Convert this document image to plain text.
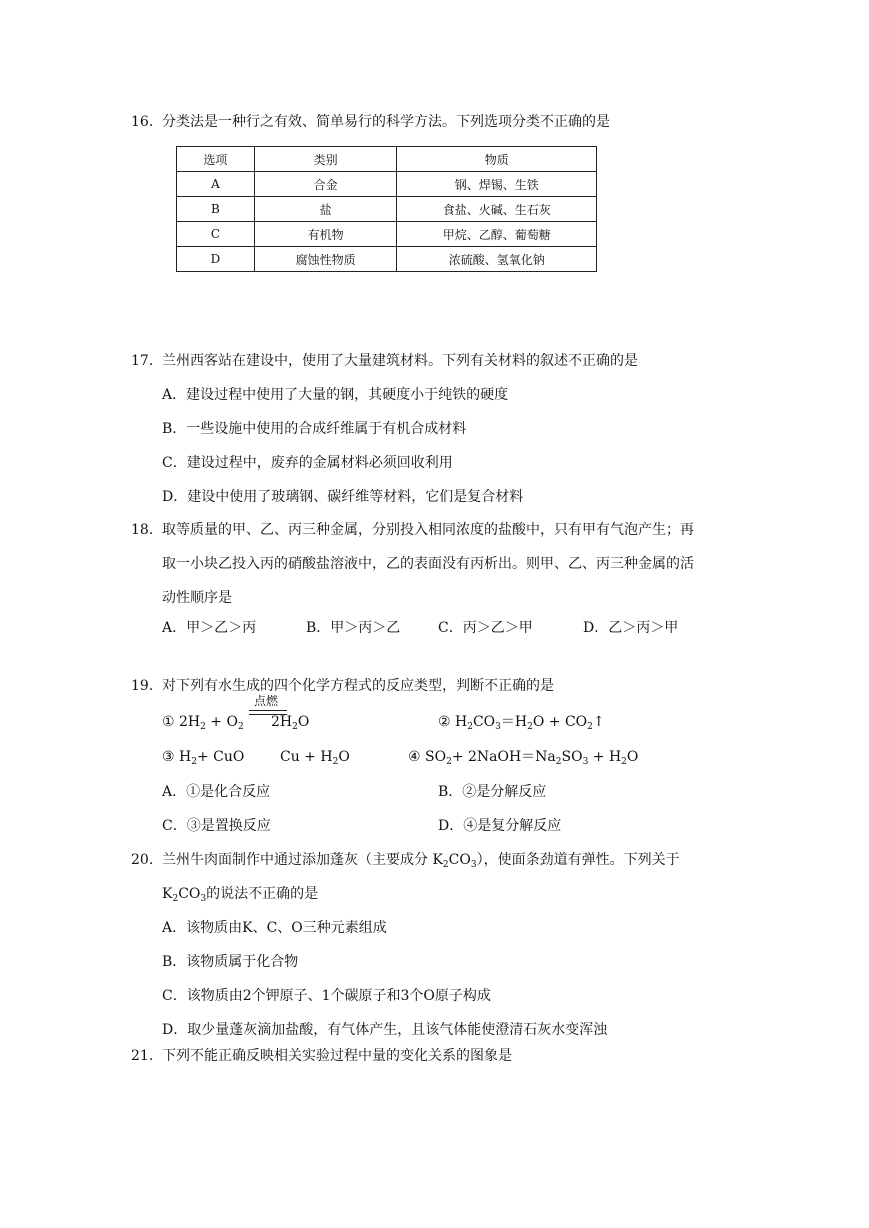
16. 分类法是一种行之有效、简单易行的科学方法。下列选项分类不正确的是
选项	类别	物质
A	合金	钢、焊锡、生铁
B	盐	食盐、火碱、生石灰
C	有机物	甲烷、乙醇、葡萄糖
D	腐蚀性物质	浓硫酸、氢氧化钠
17. 兰州西客站在建设中，使用了大量建筑材料。下列有关材料的叙述不正确的是
A．建设过程中使用了大量的钢，其硬度小于纯铁的硬度
B．一些设施中使用的合成纤维属于有机合成材料
C．建设过程中，废弃的金属材料必须回收利用
D．建设中使用了玻璃钢、碳纤维等材料，它们是复合材料
18. 取等质量的甲、乙、丙三种金属，分别投入相同浓度的盐酸中，只有甲有气泡产生；再
取一小块乙投入丙的硝酸盐溶液中，乙的表面没有丙析出。则甲、乙、丙三种金属的活
动性顺序是
A．甲＞乙＞丙	B．甲＞丙＞乙	C．丙＞乙＞甲	D．乙＞丙＞甲
19. 对下列有水生成的四个化学方程式的反应类型，判断不正确的是
① $2H_2 + O_2$
点燃
$2H_2O$	② $H_2CO_3=H_2O$ + $CO_2↑$
③ $H_2+$ CuO	$Cu + H_2O$	④ $SO_2+$ $2NaOH=Na_2SO_3 + H_2O$
A．①是化合反应	B．②是分解反应
C．③是置换反应	D．④是复分解反应
20. 兰州牛肉面制作中通过添加蓬灰（主要成分 $K_2CO_3$），使面条劲道有弹性。下列关于
$K_2CO_3$的说法不正确的是
A．该物质由K、C、O三种元素组成
B．该物质属于化合物
C．该物质由2个钾原子、1个碳原子和3个O原子构成
D．取少量蓬灰滴加盐酸，有气体产生，且该气体能使澄清石灰水变浑浊
21. 下列不能正确反映相关实验过程中量的变化关系的图象是
